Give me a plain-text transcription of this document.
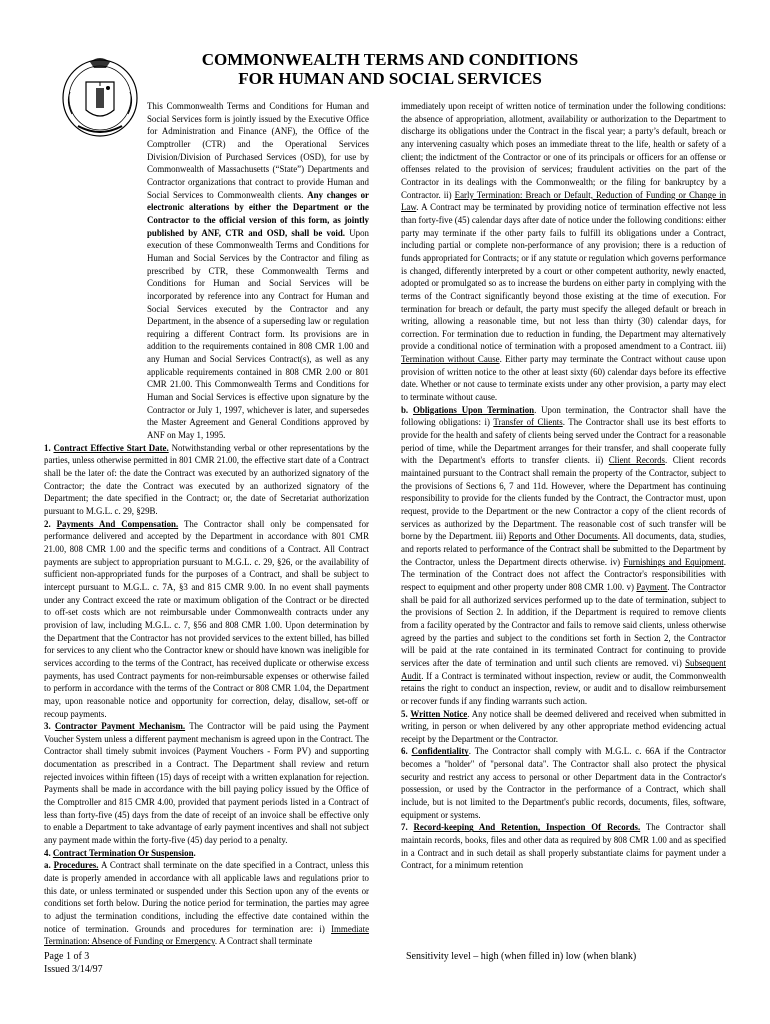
COMMONWEALTH TERMS AND CONDITIONS
FOR HUMAN AND SOCIAL SERVICES

This Commonwealth Terms and Conditions for Human and Social Services form is jointly issued by the Executive Office for Administration and Finance (ANF), the Office of the Comptroller (CTR) and the Operational Services Division/Division of Purchased Services (OSD), for use by Commonwealth of Massachusetts (“State”) Departments and Contractor organizations that contract to provide Human and Social Services to Commonwealth clients. Any changes or electronic alterations by either the Department or the Contractor to the official version of this form, as jointly published by ANF, CTR and OSD, shall be void. Upon execution of these Commonwealth Terms and Conditions for Human and Social Services by the Contractor and filing as prescribed by CTR, these Commonwealth Terms and Conditions for Human and Social Services will be incorporated by reference into any Contract for Human and Social Services executed by the Contractor and any Department, in the absence of a superseding law or regulation requiring a different Contract form. Its provisions are in addition to the requirements contained in 808 CMR 1.00 and any Human and Social Services Contract(s), as well as any applicable requirements contained in 808 CMR 2.00 or 801 CMR 21.00. This Commonwealth Terms and Conditions for Human and Social Services is effective upon signature by the Contractor or July 1, 1997, whichever is later, and supersedes the Master Agreement and General Conditions approved by ANF on May 1, 1995.

1. Contract Effective Start Date. Notwithstanding verbal or other representations by the parties, unless otherwise permitted in 801 CMR 21.00, the effective start date of a Contract shall be the later of: the date the Contract was executed by an authorized signatory of the Contractor; the date the Contract was executed by an authorized signatory of the Department; the date specified in the Contract; or, the date of Secretariat authorization pursuant to M.G.L. c. 29, §29B.

2. Payments And Compensation. The Contractor shall only be compensated for performance delivered and accepted by the Department in accordance with 801 CMR 21.00, 808 CMR 1.00 and the specific terms and conditions of a Contract. All Contract payments are subject to appropriation pursuant to M.G.L. c. 29, §26, or the availability of sufficient non-appropriated funds for the purposes of a Contract, and shall be subject to intercept pursuant to M.G.L. c. 7A, §3 and 815 CMR 9.00. In no event shall payments under any Contract exceed the rate or maximum obligation of the Contract or be directed to off-set costs which are not reimbursable under Commonwealth contracts under any provision of law, including M.G.L. c. 7, §56 and 808 CMR 1.00. Upon determination by the Department that the Contractor has not provided services to the extent billed, has billed for services to any client who the Contractor knew or should have known was ineligible for services according to the terms of the Contract, has received duplicate or otherwise excess payments, has used Contract payments for non-reimbursable expenses or otherwise failed to perform in accordance with the terms of the Contract or 808 CMR 1.04, the Department may, upon reasonable notice and opportunity for correction, delay, disallow, set-off or recoup payments.

3. Contractor Payment Mechanism. The Contractor will be paid using the Payment Voucher System unless a different payment mechanism is agreed upon in the Contract. The Contractor shall timely submit invoices (Payment Vouchers - Form PV) and supporting documentation as prescribed in a Contract. The Department shall review and return rejected invoices within fifteen (15) days of receipt with a written explanation for rejection. Payments shall be made in accordance with the bill paying policy issued by the Office of the Comptroller and 815 CMR 4.00, provided that payment periods listed in a Contract of less than forty-five (45) days from the date of receipt of an invoice shall be effective only to enable a Department to take advantage of early payment incentives and shall not subject any payment made within the forty-five (45) day period to a penalty.

4. Contract Termination Or Suspension.

a. Procedures. A Contract shall terminate on the date specified in a Contract, unless this date is properly amended in accordance with all applicable laws and regulations prior to this date, or unless terminated or suspended under this Section upon any of the events or conditions set forth below. During the notice period for termination, the parties may agree to adjust the termination conditions, including the effective date contained within the notice of termination. Grounds and procedures for termination are: i) Immediate Termination: Absence of Funding or Emergency. A Contract shall terminate

immediately upon receipt of written notice of termination under the following conditions: the absence of appropriation, allotment, availability or authorization to the Department to discharge its obligations under the Contract in the fiscal year; a party’s default, breach or any intervening casualty which poses an immediate threat to the life, health or safety of a client; the indictment of the Contractor or one of its principals or officers for an offense or offenses related to the provision of services; fraudulent activities on the part of the Contractor in its dealings with the Commonwealth; or the filing for bankruptcy by a Contractor. ii) Early Termination: Breach or Default, Reduction of Funding or Change in Law. A Contract may be terminated by providing notice of termination effective not less than forty-five (45) calendar days after date of notice under the following conditions: either party may terminate if the other party fails to fulfill its obligations under a Contract, including partial or complete non-performance of any provision; there is a reduction of funds appropriated for Contracts; or if any statute or regulation which governs performance is changed, differently interpreted by a court or other competent authority, newly enacted, adopted or promulgated so as to increase the burdens on either party in complying with the terms of the Contract significantly beyond those existing at the time of execution. For termination for breach or default, the party must specify the alleged default or breach in writing, allowing a reasonable time, but not less than thirty (30) calendar days, for correction. For termination due to reduction in funding, the Department may alternatively provide a conditional notice of termination with a proposed amendment to a Contract. iii) Termination without Cause. Either party may terminate the Contract without cause upon provision of written notice to the other at least sixty (60) calendar days before its effective date. Whether or not cause to terminate exists under any other provision, a party may elect to terminate without cause.

b. Obligations Upon Termination. Upon termination, the Contractor shall have the following obligations: i) Transfer of Clients. The Contractor shall use its best efforts to provide for the health and safety of clients being served under the Contract for a reasonable period of time, while the Department arranges for their transfer, and shall cooperate fully with the Department's efforts to transfer clients. ii) Client Records. Client records maintained pursuant to the Contract shall remain the property of the Contractor, subject to the provisions of Sections 6, 7 and 11d. However, where the Department has continuing responsibility to provide for the clients funded by the Contract, the Contractor must, upon request, provide to the Department or the new Contractor a copy of the client records of services as authorized by the Department. The reasonable cost of such transfer will be borne by the Department. iii) Reports and Other Documents. All documents, data, studies, and reports related to performance of the Contract shall be submitted to the Department by the Contractor, unless the Department directs otherwise. iv) Furnishings and Equipment. The termination of the Contract does not affect the Contractor's responsibilities with respect to equipment and other property under 808 CMR 1.00. v) Payment. The Contractor shall be paid for all authorized services performed up to the date of termination, subject to the provisions of Section 2. In addition, if the Department is required to remove clients from a facility operated by the Contractor and fails to remove said clients, unless otherwise agreed by the parties and subject to the conditions set forth in Section 2, the Contractor will be paid at the rate contained in its terminated Contract for continuing to provide services after the date of termination and until such clients are removed. vi) Subsequent Audit. If a Contract is terminated without inspection, review or audit, the Commonwealth retains the right to conduct an inspection, review, or audit and to disallow reimbursement or recover funds if any finding warrants such action.

5. Written Notice. Any notice shall be deemed delivered and received when submitted in writing, in person or when delivered by any other appropriate method evidencing actual receipt by the Department or the Contractor.

6. Confidentiality. The Contractor shall comply with M.G.L. c. 66A if the Contractor becomes a "holder" of "personal data". The Contractor shall also protect the physical security and restrict any access to personal or other Department data in the Contractor's possession, or used by the Contractor in the performance of a Contract, which shall include, but is not limited to the Department's public records, documents, files, software, equipment or systems.

7. Record-keeping And Retention, Inspection Of Records. The Contractor shall maintain records, books, files and other data as required by 808 CMR 1.00 and as specified in a Contract and in such detail as shall properly substantiate claims for payment under a Contract, for a minimum retention

Page 1 of 3
Issued 3/14/97
Sensitivity level – high (when filled in) low (when blank)
